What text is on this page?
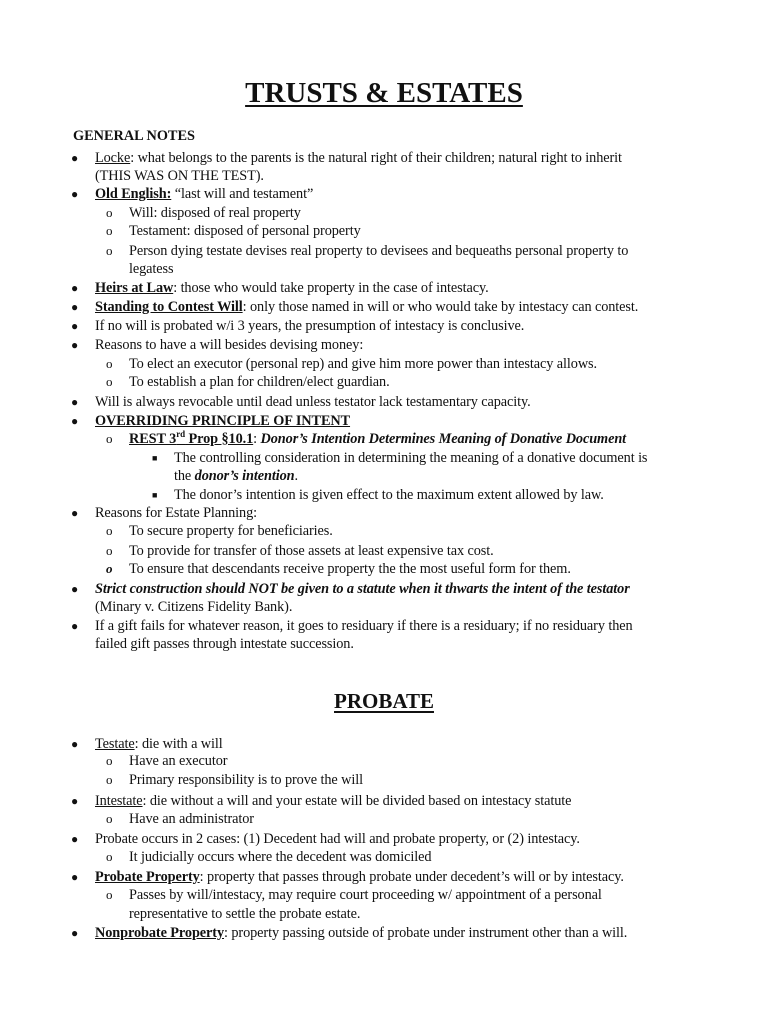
TRUSTS & ESTATES
GENERAL NOTES
● Locke: what belongs to the parents is the natural right of their children; natural right to inherit
(THIS WAS ON THE TEST).
● Old English: “last will and testament”
o Will: disposed of real property
o Testament: disposed of personal property
o Person dying testate devises real property to devisees and bequeaths personal property to
legatess
● Heirs at Law: those who would take property in the case of intestacy.
● Standing to Contest Will: only those named in will or who would take by intestacy can contest.
● If no will is probated w/i 3 years, the presumption of intestacy is conclusive.
● Reasons to have a will besides devising money:
o To elect an executor (personal rep) and give him more power than intestacy allows.
o To establish a plan for children/elect guardian.
● Will is always revocable until dead unless testator lack testamentary capacity.
● OVERRIDING PRINCIPLE OF INTENT
o REST 3rd Prop §10.1: Donor’s Intention Determines Meaning of Donative Document
■ The controlling consideration in determining the meaning of a donative document is
the donor’s intention.
■ The donor’s intention is given effect to the maximum extent allowed by law.
● Reasons for Estate Planning:
o To secure property for beneficiaries.
o To provide for transfer of those assets at least expensive tax cost.
o To ensure that descendants receive property the the most useful form for them.
● Strict construction should NOT be given to a statute when it thwarts the intent of the testator
(Minary v. Citizens Fidelity Bank).
● If a gift fails for whatever reason, it goes to residuary if there is a residuary; if no residuary then
failed gift passes through intestate succession.
PROBATE
● Testate: die with a will
o Have an executor
o Primary responsibility is to prove the will
● Intestate: die without a will and your estate will be divided based on intestacy statute
o Have an administrator
● Probate occurs in 2 cases: (1) Decedent had will and probate property, or (2) intestacy.
o It judicially occurs where the decedent was domiciled
● Probate Property: property that passes through probate under decedent’s will or by intestacy.
o Passes by will/intestacy, may require court proceeding w/ appointment of a personal
representative to settle the probate estate.
● Nonprobate Property: property passing outside of probate under instrument other than a will.
